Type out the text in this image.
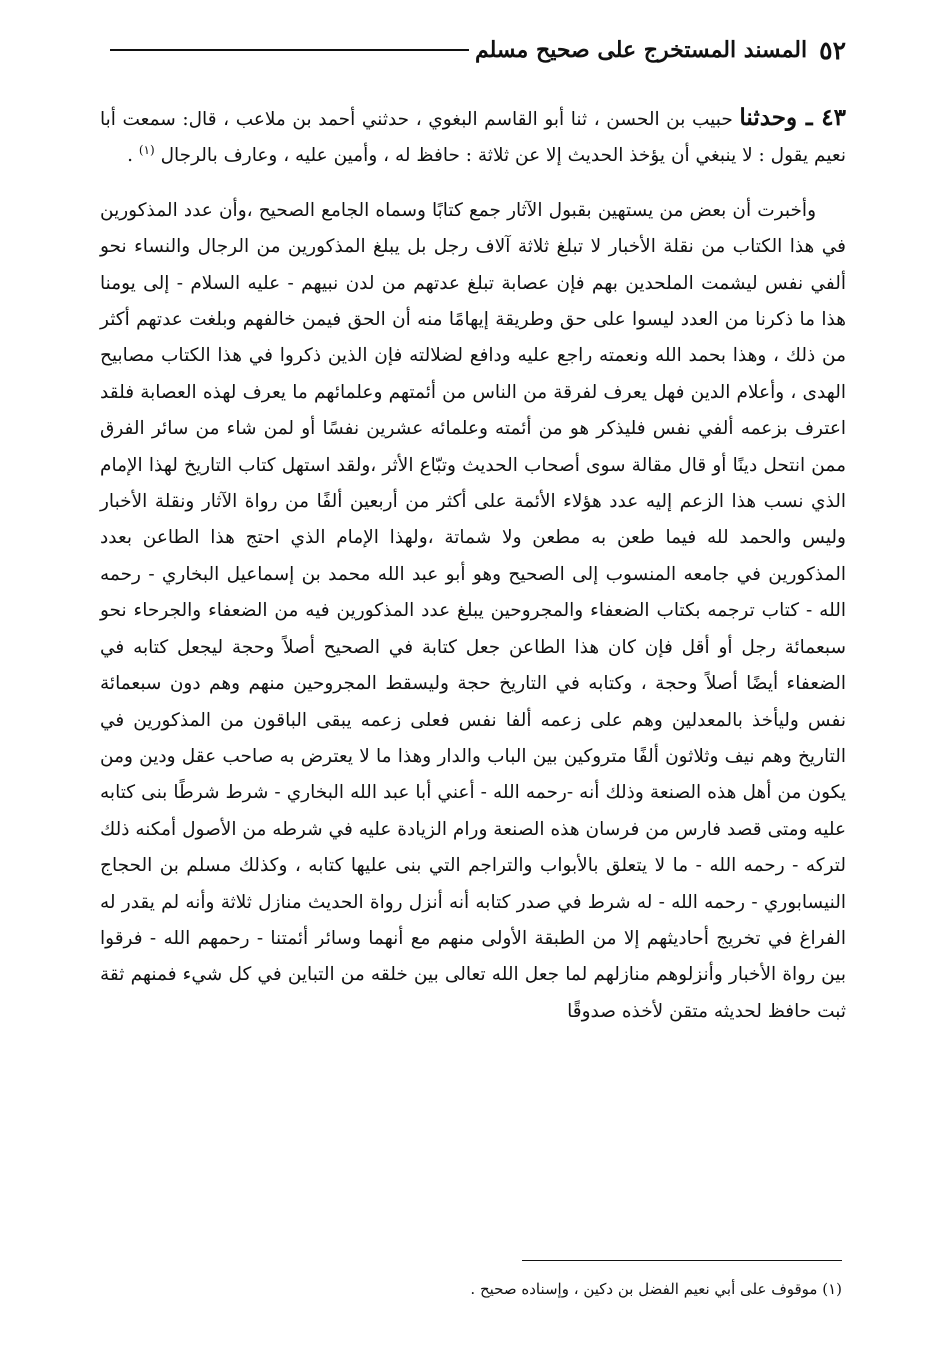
٥٢
المسند المستخرج على صحيح مسلم

٤٣ ـ وحدثنا حبيب بن الحسن ، ثنا أبو القاسم البغوي ، حدثني أحمد بن ملاعب ، قال: سمعت أبا نعيم يقول : لا ينبغي أن يؤخذ الحديث إلا عن ثلاثة : حافظ له ، وأمين عليه ، وعارف بالرجال $^{(١)}$ .

وأخبرت أن بعض من يستهين بقبول الآثار جمع كتابًا وسماه الجامع الصحيح ،وأن عدد المذكورين في هذا الكتاب من نقلة الأخبار لا تبلغ ثلاثة آلاف رجل بل يبلغ المذكورين من الرجال والنساء نحو ألفي نفس ليشمت الملحدين بهم فإن عصابة تبلغ عدتهم من لدن نبيهم - عليه السلام - إلى يومنا هذا ما ذكرنا من العدد ليسوا على حق وطريقة إيهامًا منه أن الحق فيمن خالفهم وبلغت عدتهم أكثر من ذلك ، وهذا بحمد الله ونعمته راجع عليه ودافع لضلالته فإن الذين ذكروا في هذا الكتاب مصابيح الهدى ، وأعلام الدين فهل يعرف لفرقة من الناس من أئمتهم وعلمائهم ما يعرف لهذه العصابة فلقد اعترف بزعمه ألفي نفس فليذكر هو من أئمته وعلمائه عشرين نفسًا أو لمن شاء من سائر الفرق ممن انتحل دينًا أو قال مقالة سوى أصحاب الحديث وتبّاع الأثر ،ولقد استهل كتاب التاريخ لهذا الإمام الذي نسب هذا الزعم إليه عدد هؤلاء الأئمة على أكثر من أربعين ألفًا من رواة الآثار ونقلة الأخبار وليس والحمد لله فيما طعن به مطعن ولا شماتة ،ولهذا الإمام الذي احتج هذا الطاعن بعدد المذكورين في جامعه المنسوب إلى الصحيح وهو أبو عبد الله محمد بن إسماعيل البخاري - رحمه الله - كتاب ترجمه بكتاب الضعفاء والمجروحين يبلغ عدد المذكورين فيه من الضعفاء والجرحاء نحو سبعمائة رجل أو أقل فإن كان هذا الطاعن جعل كتابة في الصحيح أصلاً وحجة ليجعل كتابه في الضعفاء أيضًا أصلاً وحجة ، وكتابه في التاريخ حجة وليسقط المجروحين منهم وهم دون سبعمائة نفس وليأخذ بالمعدلين وهم على زعمه ألفا نفس فعلى زعمه يبقى الباقون من المذكورين في التاريخ وهم نيف وثلاثون ألفًا متروكين بين الباب والدار وهذا ما لا يعترض به صاحب عقل ودين ومن يكون من أهل هذه الصنعة وذلك أنه -رحمه الله - أعني أبا عبد الله البخاري - شرط شرطًا بنى كتابه عليه ومتى قصد فارس من فرسان هذه الصنعة ورام الزيادة عليه في شرطه من الأصول أمكنه ذلك لتركه - رحمه الله - ما لا يتعلق بالأبواب والتراجم التي بنى عليها كتابه ، وكذلك مسلم بن الحجاج النيسابوري - رحمه الله - له شرط في صدر كتابه أنه أنزل رواة الحديث منازل ثلاثة وأنه لم يقدر له الفراغ في تخريج أحاديثهم إلا من الطبقة الأولى منهم مع أنهما وسائر أئمتنا - رحمهم الله - فرقوا بين رواة الأخبار وأنزلوهم منازلهم لما جعل الله تعالى بين خلقه من التباين في كل شيء فمنهم ثقة ثبت حافظ لحديثه متقن لأخذه صدوقًا

(١) موقوف على أبي نعيم الفضل بن دكين ، وإسناده صحيح .
